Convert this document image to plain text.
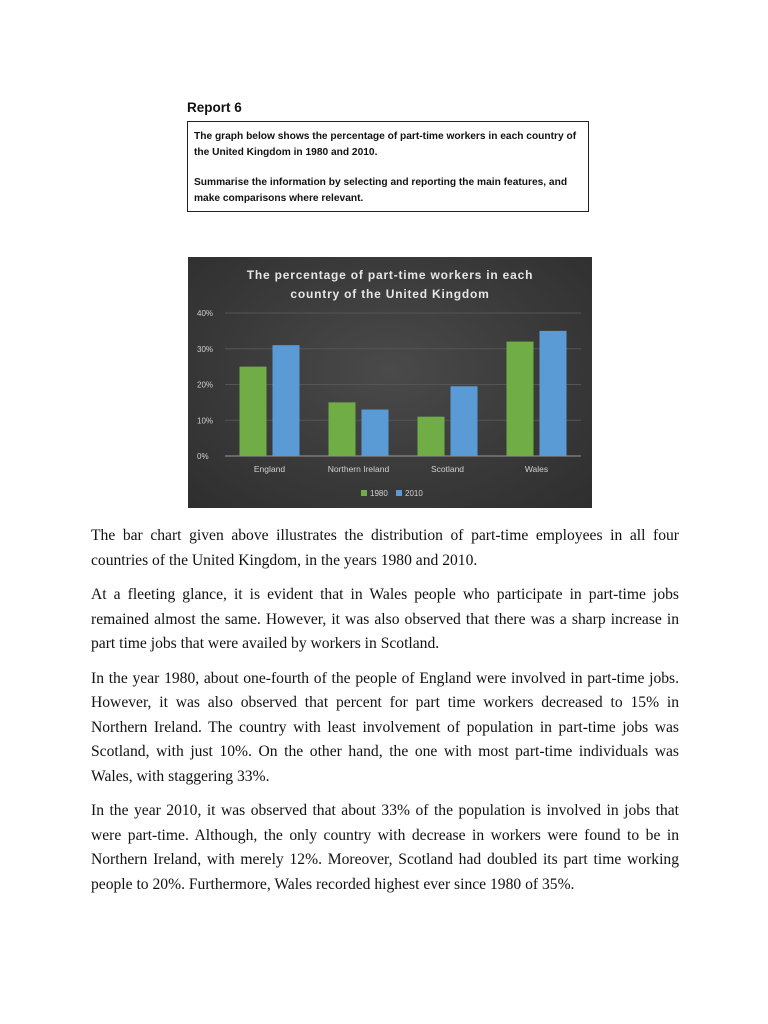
Report 6

The graph below shows the percentage of part-time workers in each country of the United Kingdom in 1980 and 2010.

Summarise the information by selecting and reporting the main features, and make comparisons where relevant.

The percentage of part-time workers in each
country of the United Kingdom
0%
10%
20%
30%
40%
England	Northern Ireland	Scotland	Wales
1980 2010

The bar chart given above illustrates the distribution of part-time employees in all four countries of the United Kingdom, in the years 1980 and 2010.

At a fleeting glance, it is evident that in Wales people who participate in part-time jobs remained almost the same. However, it was also observed that there was a sharp increase in part time jobs that were availed by workers in Scotland.

In the year 1980, about one-fourth of the people of England were involved in part-time jobs. However, it was also observed that percent for part time workers decreased to 15% in Northern Ireland. The country with least involvement of population in part-time jobs was Scotland, with just 10%. On the other hand, the one with most part-time individuals was Wales, with staggering 33%.

In the year 2010, it was observed that about 33% of the population is involved in jobs that were part-time. Although, the only country with decrease in workers were found to be in Northern Ireland, with merely 12%. Moreover, Scotland had doubled its part time working people to 20%. Furthermore, Wales recorded highest ever since 1980 of 35%.
